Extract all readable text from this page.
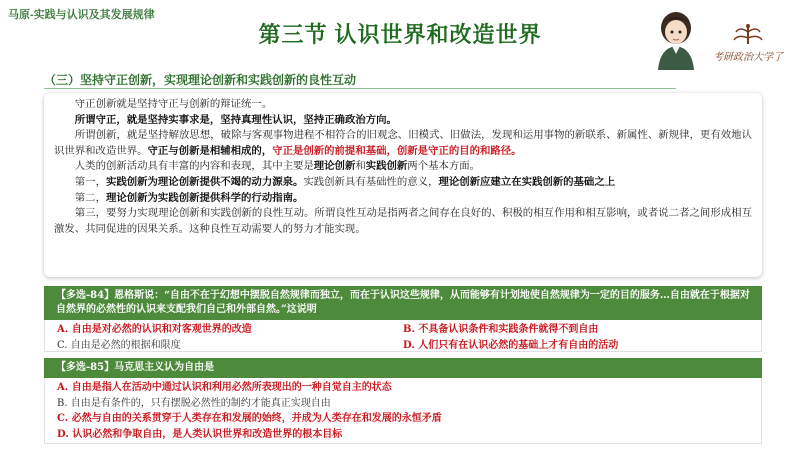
马原-实践与认识及其发展规律
第三节 认识世界和改造世界
考研政治大学了
（三）坚持守正创新，实现理论创新和实践创新的良性互动

守正创新就是坚持守正与创新的辩证统一。

所谓守正，就是坚持实事求是，坚持真理性认识，坚持正确政治方向。

所谓创新，就是坚持解放思想，破除与客观事物进程不相符合的旧观念、旧模式、旧做法，发现和运用事物的新联系、新属性、新规律，更有效地认识世界和改造世界。守正与创新是相辅相成的，守正是创新的前提和基础，创新是守正的目的和路径。

人类的创新活动具有丰富的内容和表现，其中主要是理论创新和实践创新两个基本方面。

第一，实践创新为理论创新提供不竭的动力源泉。实践创新具有基础性的意义，理论创新应建立在实践创新的基础之上

第二，理论创新为实践创新提供科学的行动指南。

第三，要努力实现理论创新和实践创新的良性互动。所谓良性互动是指两者之间存在良好的、积极的相互作用和相互影响，或者说二者之间形成相互激发、共同促进的因果关系。这种良性互动需要人的努力才能实现。

【多选-84】恩格斯说：“自由不在于幻想中摆脱自然规律而独立，而在于认识这些规律，从而能够有计划地使自然规律为一定的目的服务…自由就在于根据对自然界的必然性的认识来支配我们自己和外部自然。”这说明
A. 自由是对必然的认识和对客观世界的改造	B. 不具备认识条件和实践条件就得不到自由
C. 自由是必然的根据和限度	D. 人们只有在认识必然的基础上才有自由的活动
【多选-85】马克思主义认为自由是
A. 自由是指人在活动中通过认识和利用必然所表现出的一种自觉自主的状态
B. 自由是有条件的，只有摆脱必然性的制约才能真正实现自由
C. 必然与自由的关系贯穿于人类存在和发展的始终，并成为人类存在和发展的永恒矛盾
D. 认识必然和争取自由，是人类认识世界和改造世界的根本目标
